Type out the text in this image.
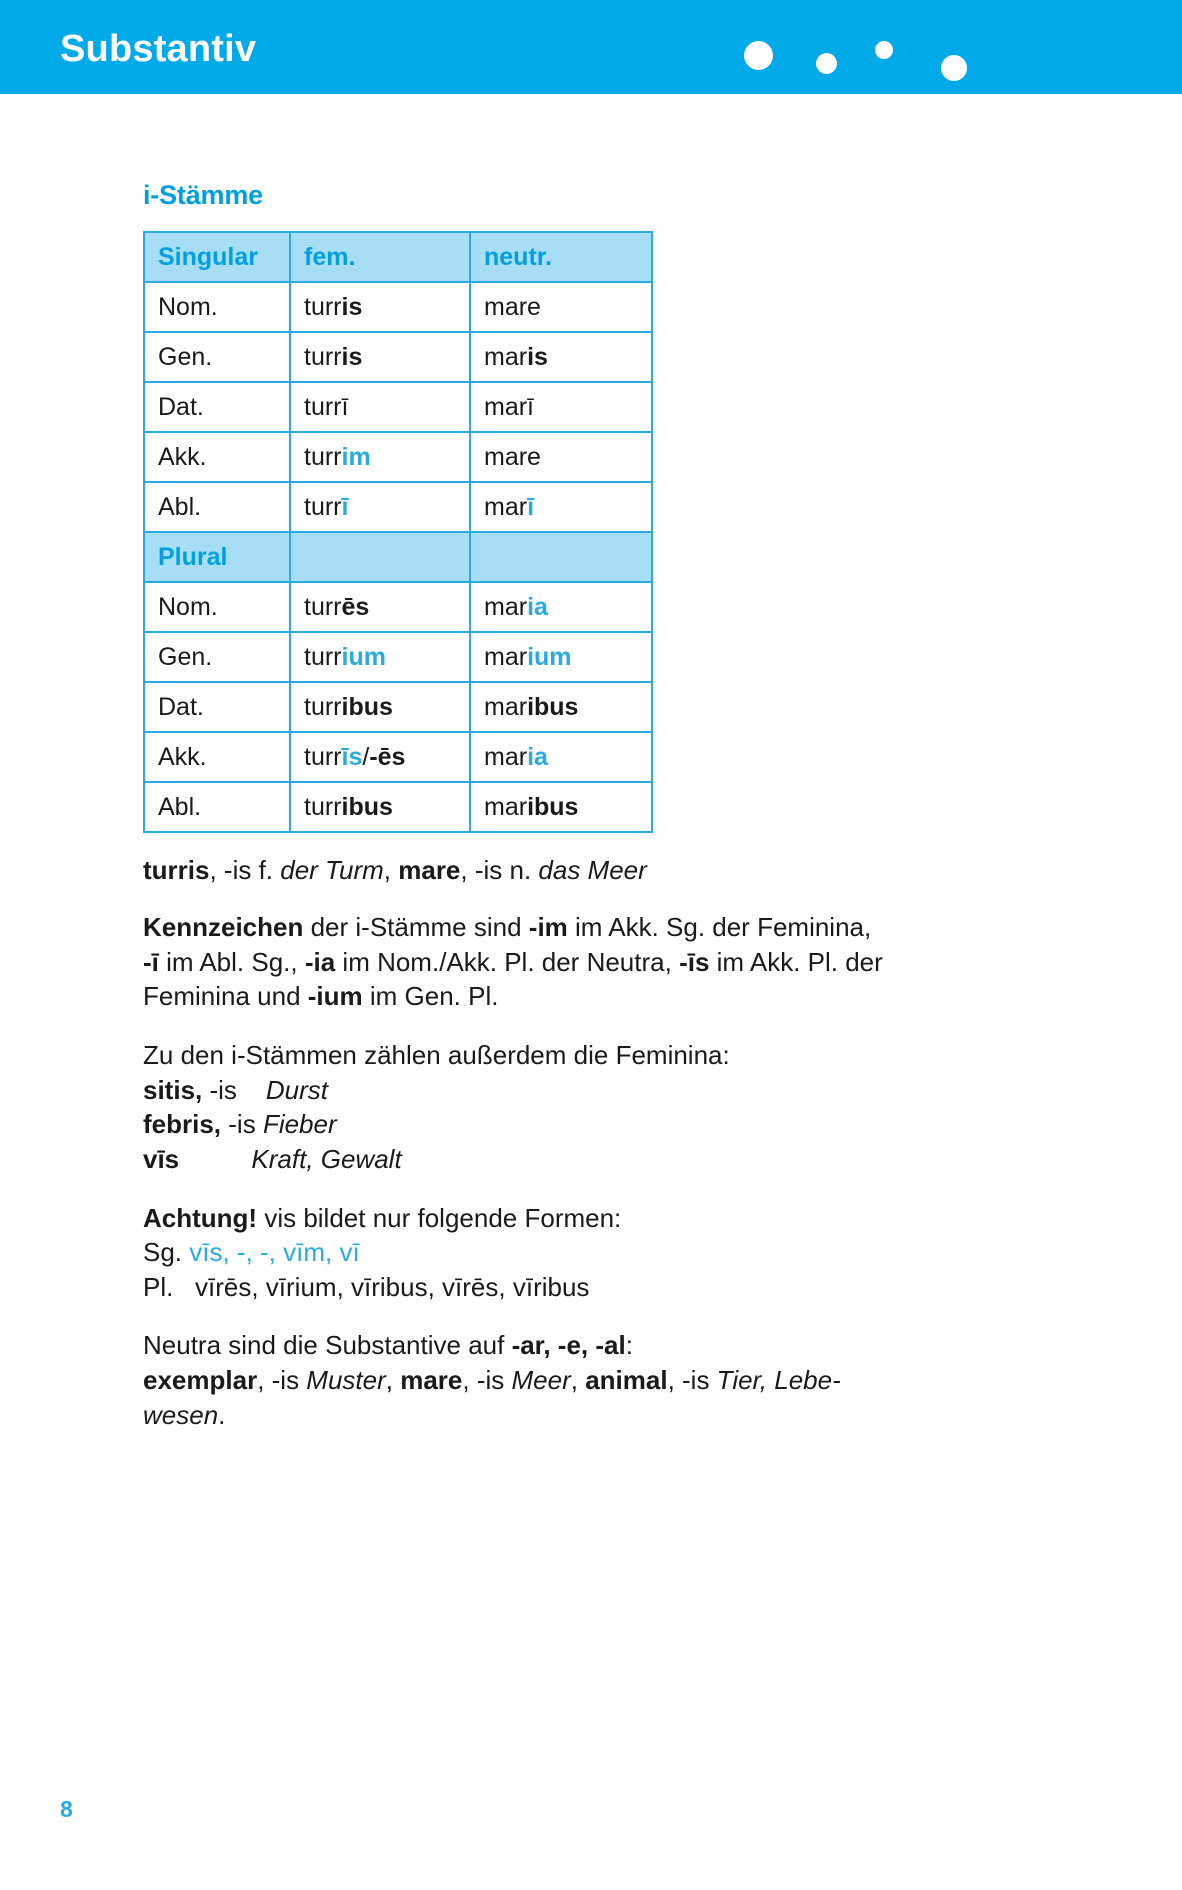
Substantiv
i-Stämme
Singular	fem.	neutr.
Nom.	turris	mare
Gen.	turris	maris
Dat.	turrī	marī
Akk.	turrim	mare
Abl.	turrī	marī
Plural		
Nom.	turrēs	maria
Gen.	turrium	marium
Dat.	turribus	maribus
Akk.	turrīs/-ēs	maria
Abl.	turribus	maribus

turris, -is f. der Turm, mare, -is n. das Meer

Kennzeichen der i-Stämme sind -im im Akk. Sg. der Feminina, -ī im Abl. Sg., -ia im Nom./Akk. Pl. der Neutra, -īs im Akk. Pl. der Feminina und -ium im Gen. Pl.

Zu den i-Stämmen zählen außerdem die Feminina:

sitis, -is Durst

febris, -is Fieber

vīs	Kraft, Gewalt

Achtung! vis bildet nur folgende Formen:

Sg. vīs, -, -, vīm, vī

Pl.   vīrēs, vīrium, vīribus, vīrēs, vīribus

Neutra sind die Substantive auf -ar, -e, -al:

exemplar, -is Muster, mare, -is Meer, animal, -is Tier, Lebe-wesen.

8
